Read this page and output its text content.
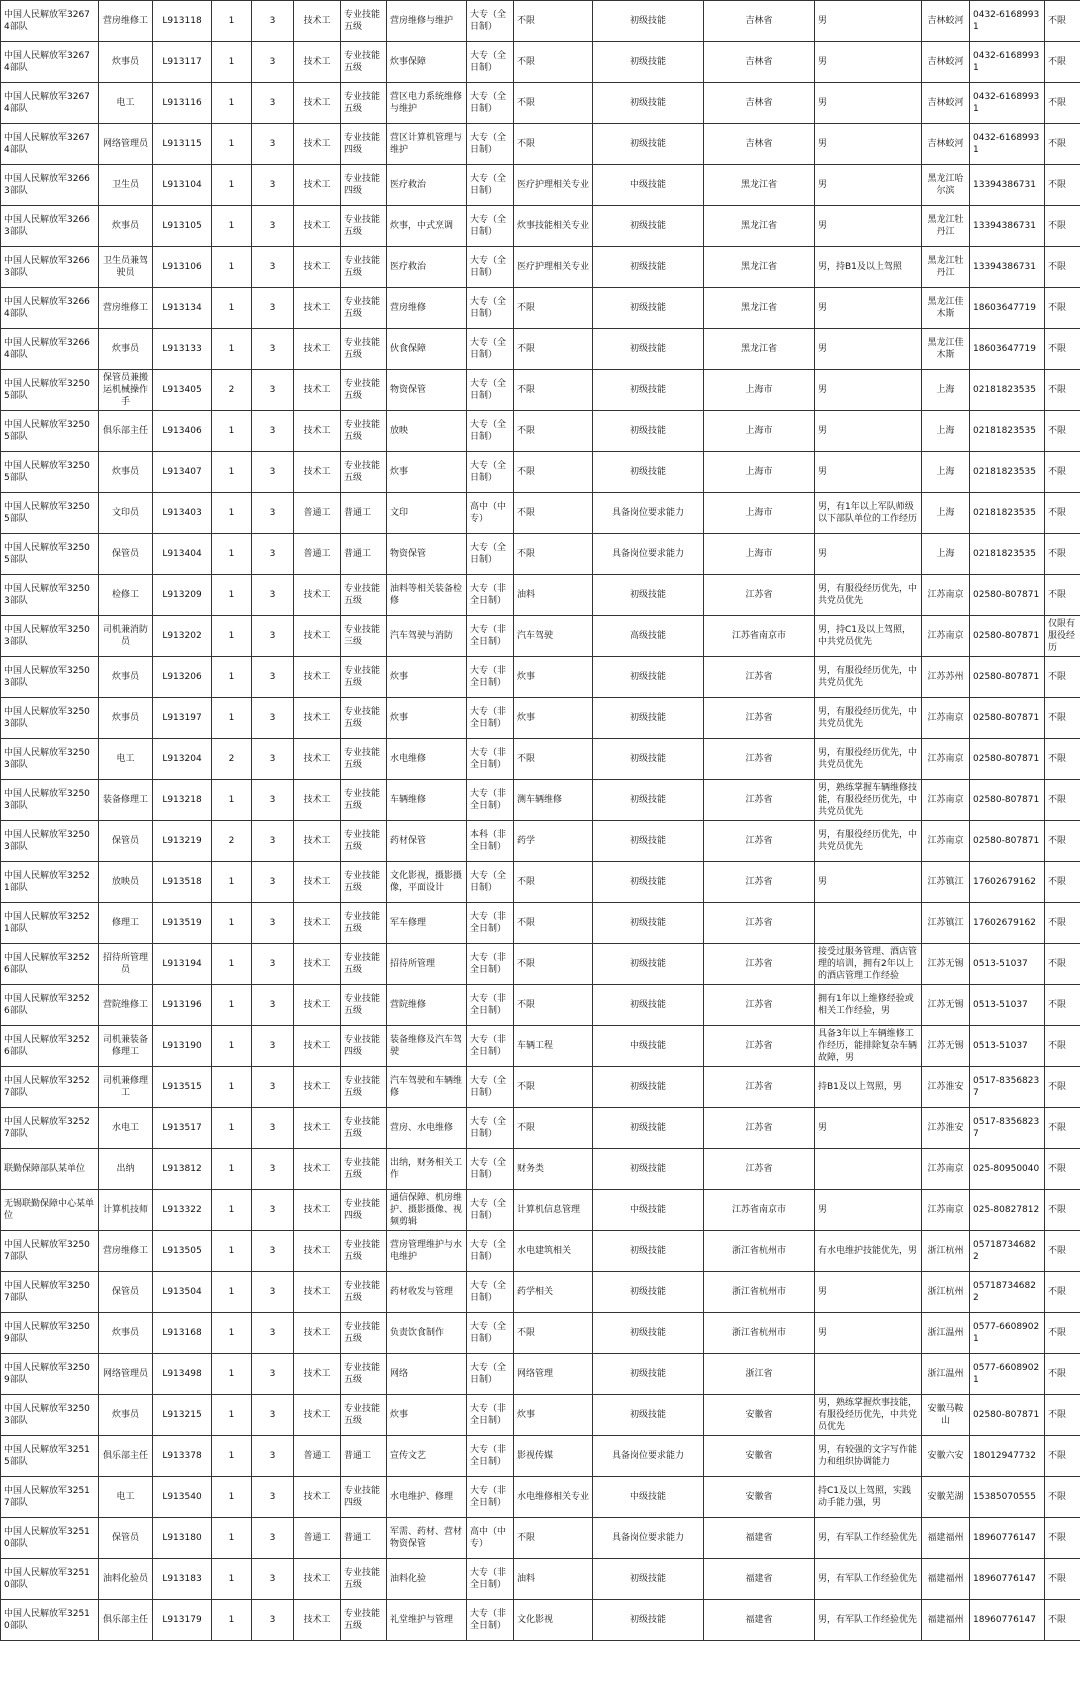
中国人民解放军32674部队	营房维修工	L913118	1	3	技术工	专业技能五级	营房维修与维护	大专（全日制）	不限	初级技能	吉林省	男	吉林蛟河	0432-61689931	不限
中国人民解放军32674部队	炊事员	L913117	1	3	技术工	专业技能五级	炊事保障	大专（全日制）	不限	初级技能	吉林省	男	吉林蛟河	0432-61689931	不限
中国人民解放军32674部队	电工	L913116	1	3	技术工	专业技能五级	营区电力系统维修与维护	大专（全日制）	不限	初级技能	吉林省	男	吉林蛟河	0432-61689931	不限
中国人民解放军32674部队	网络管理员	L913115	1	3	技术工	专业技能四级	营区计算机管理与维护	大专（全日制）	不限	初级技能	吉林省	男	吉林蛟河	0432-61689931	不限
中国人民解放军32663部队	卫生员	L913104	1	3	技术工	专业技能四级	医疗救治	大专（全日制）	医疗护理相关专业	中级技能	黑龙江省	男	黑龙江哈尔滨	13394386731	不限
中国人民解放军32663部队	炊事员	L913105	1	3	技术工	专业技能五级	炊事，中式烹调	大专（全日制）	炊事技能相关专业	初级技能	黑龙江省	男	黑龙江牡丹江	13394386731	不限
中国人民解放军32663部队	卫生员兼驾驶员	L913106	1	3	技术工	专业技能五级	医疗救治	大专（全日制）	医疗护理相关专业	初级技能	黑龙江省	男，持B1及以上驾照	黑龙江牡丹江	13394386731	不限
中国人民解放军32664部队	营房维修工	L913134	1	3	技术工	专业技能五级	营房维修	大专（全日制）	不限	初级技能	黑龙江省	男	黑龙江佳木斯	18603647719	不限
中国人民解放军32664部队	炊事员	L913133	1	3	技术工	专业技能五级	伙食保障	大专（全日制）	不限	初级技能	黑龙江省	男	黑龙江佳木斯	18603647719	不限
中国人民解放军32505部队	保管员兼搬运机械操作手	L913405	2	3	技术工	专业技能五级	物资保管	大专（全日制）	不限	初级技能	上海市	男	上海	02181823535	不限
中国人民解放军32505部队	俱乐部主任	L913406	1	3	技术工	专业技能五级	放映	大专（全日制）	不限	初级技能	上海市	男	上海	02181823535	不限
中国人民解放军32505部队	炊事员	L913407	1	3	技术工	专业技能五级	炊事	大专（全日制）	不限	初级技能	上海市	男	上海	02181823535	不限
中国人民解放军32505部队	文印员	L913403	1	3	普通工	普通工	文印	高中（中专）	不限	具备岗位要求能力	上海市	男，有1年以上军队师级以下部队单位的工作经历	上海	02181823535	不限
中国人民解放军32505部队	保管员	L913404	1	3	普通工	普通工	物资保管	大专（全日制）	不限	具备岗位要求能力	上海市	男	上海	02181823535	不限
中国人民解放军32503部队	检修工	L913209	1	3	技术工	专业技能五级	油料等相关装备检修	大专（非全日制）	油料	初级技能	江苏省	男，有服役经历优先，中共党员优先	江苏南京	02580-807871	不限
中国人民解放军32503部队	司机兼消防员	L913202	1	3	技术工	专业技能三级	汽车驾驶与消防	大专（非全日制）	汽车驾驶	高级技能	江苏省南京市	男，持C1及以上驾照，中共党员优先	江苏南京	02580-807871	仅限有服役经历
中国人民解放军32503部队	炊事员	L913206	1	3	技术工	专业技能五级	炊事	大专（非全日制）	炊事	初级技能	江苏省	男，有服役经历优先，中共党员优先	江苏苏州	02580-807871	不限
中国人民解放军32503部队	炊事员	L913197	1	3	技术工	专业技能五级	炊事	大专（非全日制）	炊事	初级技能	江苏省	男，有服役经历优先，中共党员优先	江苏南京	02580-807871	不限
中国人民解放军32503部队	电工	L913204	2	3	技术工	专业技能五级	水电维修	大专（非全日制）	不限	初级技能	江苏省	男，有服役经历优先，中共党员优先	江苏南京	02580-807871	不限
中国人民解放军32503部队	装备修理工	L913218	1	3	技术工	专业技能五级	车辆维修	大专（非全日制）	测车辆维修	初级技能	江苏省	男，熟练掌握车辆维修技能，有服役经历优先，中共党员优先	江苏南京	02580-807871	不限
中国人民解放军32503部队	保管员	L913219	2	3	技术工	专业技能五级	药材保管	本科（非全日制）	药学	初级技能	江苏省	男，有服役经历优先，中共党员优先	江苏南京	02580-807871	不限
中国人民解放军32521部队	放映员	L913518	1	3	技术工	专业技能五级	文化影视，摄影摄像，平面设计	大专（全日制）	不限	初级技能	江苏省	男	江苏镇江	17602679162	不限
中国人民解放军32521部队	修理工	L913519	1	3	技术工	专业技能五级	军车修理	大专（非全日制）	不限	初级技能	江苏省		江苏镇江	17602679162	不限
中国人民解放军32526部队	招待所管理员	L913194	1	3	技术工	专业技能五级	招待所管理	大专（非全日制）	不限	初级技能	江苏省	接受过服务管理、酒店管理的培训，拥有2年以上的酒店管理工作经验	江苏无锡	0513-51037	不限
中国人民解放军32526部队	营院维修工	L913196	1	3	技术工	专业技能五级	营院维修	大专（非全日制）	不限	初级技能	江苏省	拥有1年以上维修经验或相关工作经验，男	江苏无锡	0513-51037	不限
中国人民解放军32526部队	司机兼装备修理工	L913190	1	3	技术工	专业技能四级	装备维修及汽车驾驶	大专（非全日制）	车辆工程	中级技能	江苏省	具备3年以上车辆维修工作经历，能排除复杂车辆故障，男	江苏无锡	0513-51037	不限
中国人民解放军32527部队	司机兼修理工	L913515	1	3	技术工	专业技能五级	汽车驾驶和车辆维修	大专（全日制）	不限	初级技能	江苏省	持B1及以上驾照，男	江苏淮安	0517-83568237	不限
中国人民解放军32527部队	水电工	L913517	1	3	技术工	专业技能五级	营房、水电维修	大专（全日制）	不限	初级技能	江苏省	男	江苏淮安	0517-83568237	不限
联勤保障部队某单位	出纳	L913812	1	3	技术工	专业技能五级	出纳，财务相关工作	大专（全日制）	财务类	初级技能	江苏省		江苏南京	025-80950040	不限
无锡联勤保障中心某单位	计算机技师	L913322	1	3	技术工	专业技能四级	通信保障、机房维护、摄影摄像、视频剪辑	大专（全日制）	计算机信息管理	中级技能	江苏省南京市	男	江苏南京	025-80827812	不限
中国人民解放军32507部队	营房维修工	L913505	1	3	技术工	专业技能五级	营房管理维护与水电维护	大专（全日制）	水电建筑相关	初级技能	浙江省杭州市	有水电维护技能优先，男	浙江杭州	057187346822	不限
中国人民解放军32507部队	保管员	L913504	1	3	技术工	专业技能五级	药材收发与管理	大专（全日制）	药学相关	初级技能	浙江省杭州市	男	浙江杭州	057187346822	不限
中国人民解放军32509部队	炊事员	L913168	1	3	技术工	专业技能五级	负责饮食制作	大专（全日制）	不限	初级技能	浙江省杭州市	男	浙江温州	0577-66089021	不限
中国人民解放军32509部队	网络管理员	L913498	1	3	技术工	专业技能五级	网络	大专（全日制）	网络管理	初级技能	浙江省		浙江温州	0577-66089021	不限
中国人民解放军32503部队	炊事员	L913215	1	3	技术工	专业技能五级	炊事	大专（非全日制）	炊事	初级技能	安徽省	男，熟练掌握炊事技能，有服役经历优先，中共党员优先	安徽马鞍山	02580-807871	不限
中国人民解放军32515部队	俱乐部主任	L913378	1	3	普通工	普通工	宣传文艺	大专（非全日制）	影视传媒	具备岗位要求能力	安徽省	男，有较强的文字写作能力和组织协调能力	安徽六安	18012947732	不限
中国人民解放军32517部队	电工	L913540	1	3	技术工	专业技能四级	水电维护、修理	大专（非全日制）	水电维修相关专业	中级技能	安徽省	持C1及以上驾照，实践动手能力强，男	安徽芜湖	15385070555	不限
中国人民解放军32510部队	保管员	L913180	1	3	普通工	普通工	军需、药材、营材物资保管	高中（中专）	不限	具备岗位要求能力	福建省	男，有军队工作经验优先	福建福州	18960776147	不限
中国人民解放军32510部队	油料化验员	L913183	1	3	技术工	专业技能五级	油料化验	大专（非全日制）	油料	初级技能	福建省	男，有军队工作经验优先	福建福州	18960776147	不限
中国人民解放军32510部队	俱乐部主任	L913179	1	3	技术工	专业技能五级	礼堂维护与管理	大专（非全日制）	文化影视	初级技能	福建省	男，有军队工作经验优先	福建福州	18960776147	不限
